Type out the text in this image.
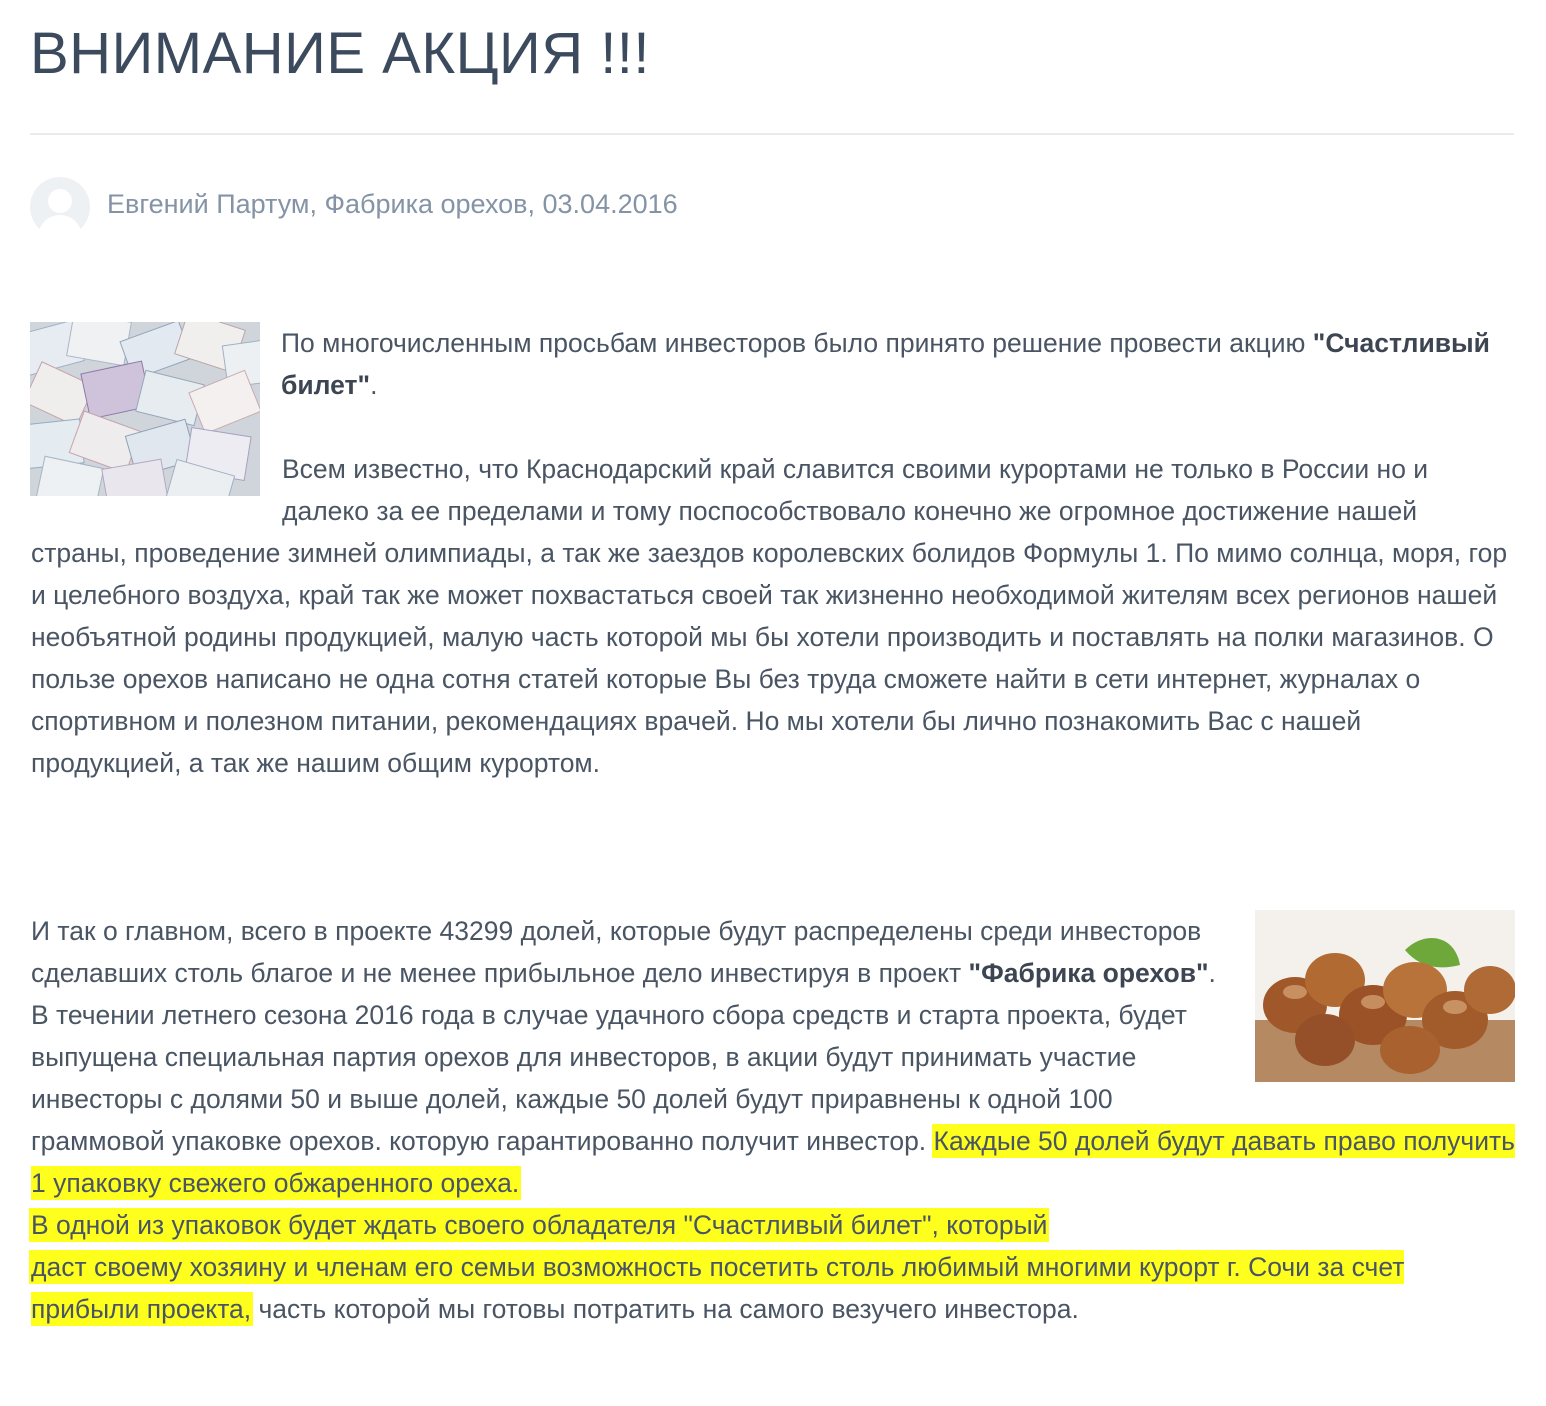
ВНИМАНИЕ АКЦИЯ !!!
Евгений Партум, Фабрика орехов, 03.04.2016

По многочисленным просьбам инвесторов было принято решение провести акцию "Счастливый билет".

Всем известно, что Краснодарский край славится своими курортами не только в России но и далеко за ее пределами и тому поспособствовало конечно же огромное достижение нашей страны, проведение зимней олимпиады, а так же заездов королевских болидов Формулы 1. По мимо солнца, моря, гор и целебного воздуха, край так же может похвастаться своей так жизненно необходимой жителям всех регионов нашей необъятной родины продукцией, малую часть которой мы бы хотели производить и поставлять на полки магазинов. О пользе орехов написано не одна сотня статей которые Вы без труда сможете найти в сети интернет, журналах о спортивном и полезном питании, рекомендациях врачей. Но мы хотели бы лично познакомить Вас с нашей продукцией, а так же нашим общим курортом.

И так о главном, всего в проекте 43299 долей, которые будут распределены среди инвесторов сделавших столь благое и не менее прибыльное дело инвестируя в проект "Фабрика орехов". В течении летнего сезона 2016 года в случае удачного сбора средств и старта проекта, будет выпущена специальная партия орехов для инвесторов, в акции будут принимать участие инвесторы с долями 50 и выше долей, каждые 50 долей будут приравнены к одной 100 граммовой упаковке орехов. которую гарантированно получит инвестор. Каждые 50 долей будут давать право получить 1 упаковку свежего обжаренного ореха.
В одной из упаковок будет ждать своего обладателя "Счастливый билет", который
даст своему хозяину и членам его семьи возможность посетить столь любимый многими курорт г. Сочи за счет прибыли проекта, часть которой мы готовы потратить на самого везучего инвестора.
